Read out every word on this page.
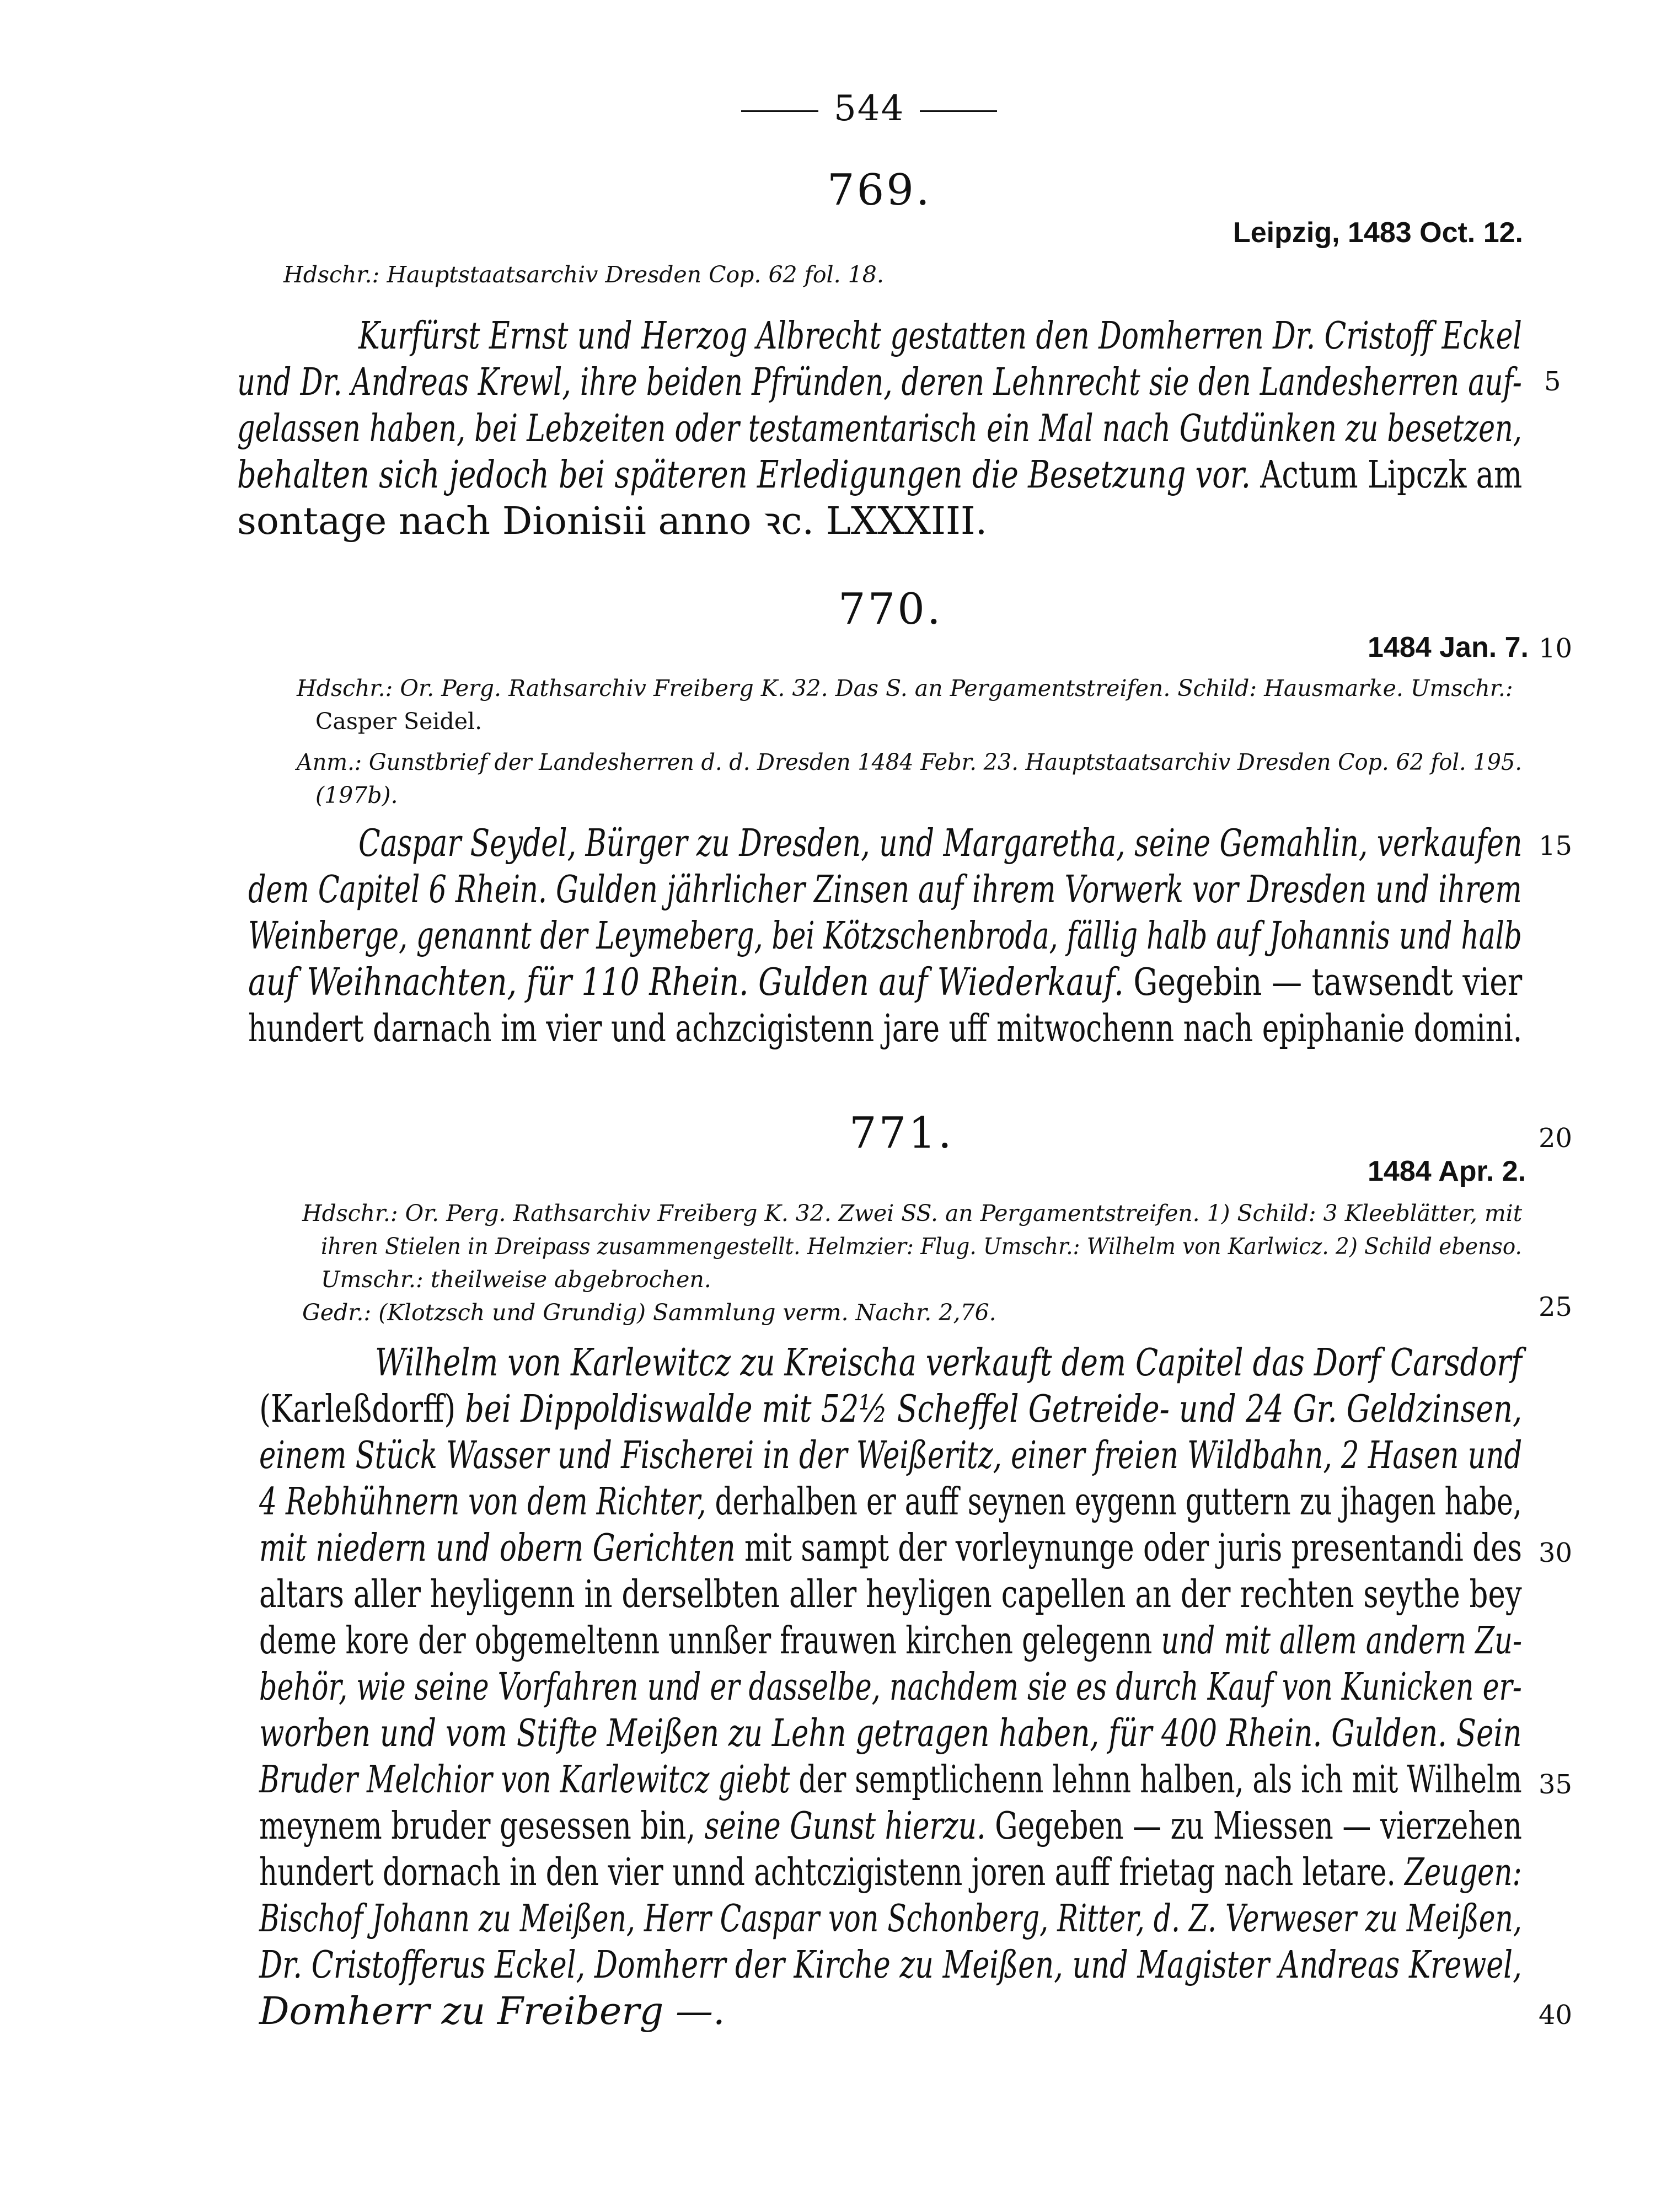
544
769.
Leipzig, 1483 Oct. 12.
Hdschr.: Hauptstaatsarchiv Dresden Cop. 62 fol. 18.
Kurfürst Ernst und Herzog Albrecht gestatten den Domherren Dr. Cristoff Eckel
und Dr. Andreas Krewl, ihre beiden Pfründen, deren Lehnrecht sie den Landesherren auf-
gelassen haben, bei Lebzeiten oder testamentarisch ein Mal nach Gutdünken zu besetzen,
behalten sich jedoch bei späteren Erledigungen die Besetzung vor. Actum Lipczk am
sontage nach Dionisii anno ꝛc. LXXXIII.
770.
1484 Jan. 7.
Hdschr.: Or. Perg. Rathsarchiv Freiberg K. 32. Das S. an Pergamentstreifen. Schild: Hausmarke. Umschr.:
Casper Seidel.
Anm.: Gunstbrief der Landesherren d. d. Dresden 1484 Febr. 23. Hauptstaatsarchiv Dresden Cop. 62 fol. 195.
(197b).
Caspar Seydel, Bürger zu Dresden, und Margaretha, seine Gemahlin, verkaufen
dem Capitel 6 Rhein. Gulden jährlicher Zinsen auf ihrem Vorwerk vor Dresden und ihrem
Weinberge, genannt der Leymeberg, bei Kötzschenbroda, fällig halb auf Johannis und halb
auf Weihnachten, für 110 Rhein. Gulden auf Wiederkauf. Gegebin — tawsendt vier
hundert darnach im vier und achzcigistenn jare uff mitwochenn nach epiphanie domini.
771.
1484 Apr. 2.
Hdschr.: Or. Perg. Rathsarchiv Freiberg K. 32. Zwei SS. an Pergamentstreifen. 1) Schild: 3 Kleeblätter, mit
ihren Stielen in Dreipass zusammengestellt. Helmzier: Flug. Umschr.: Wilhelm von Karlwicz. 2) Schild ebenso.
Umschr.: theilweise abgebrochen.
Gedr.: (Klotzsch und Grundig) Sammlung verm. Nachr. 2,76.
Wilhelm von Karlewitcz zu Kreischa verkauft dem Capitel das Dorf Carsdorf
(Karleßdorff) bei Dippoldiswalde mit 52½ Scheffel Getreide- und 24 Gr. Geldzinsen,
einem Stück Wasser und Fischerei in der Weißeritz, einer freien Wildbahn, 2 Hasen und
4 Rebhühnern von dem Richter, derhalben er auff seynen eygenn guttern zu jhagen habe,
mit niedern und obern Gerichten mit sampt der vorleynunge oder juris presentandi des
altars aller heyligenn in derselbten aller heyligen capellen an der rechten seythe bey
deme kore der obgemeltenn unnßer frauwen kirchen gelegenn und mit allem andern Zu-
behör, wie seine Vorfahren und er dasselbe, nachdem sie es durch Kauf von Kunicken er-
worben und vom Stifte Meißen zu Lehn getragen haben, für 400 Rhein. Gulden. Sein
Bruder Melchior von Karlewitcz giebt der semptlichenn lehnn halben, als ich mit Wilhelm
meynem bruder gesessen bin, seine Gunst hierzu. Gegeben — zu Miessen — vierzehen
hundert dornach in den vier unnd achtczigistenn joren auff frietag nach letare. Zeugen:
Bischof Johann zu Meißen, Herr Caspar von Schonberg, Ritter, d. Z. Verweser zu Meißen,
Dr. Cristofferus Eckel, Domherr der Kirche zu Meißen, und Magister Andreas Krewel,
Domherr zu Freiberg —.
5
10
15
20
25
30
35
40
